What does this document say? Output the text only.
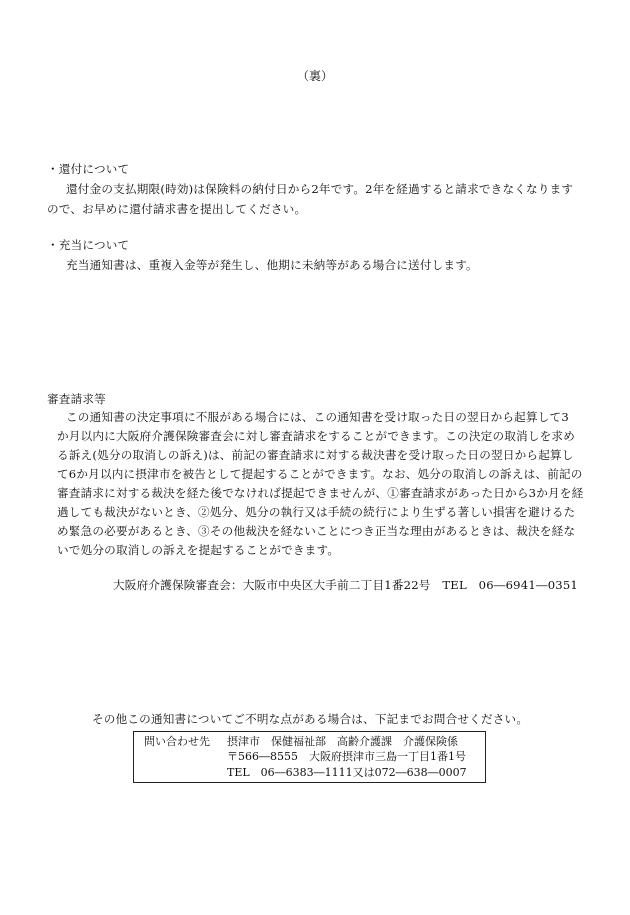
（裏）
・還付について
還付金の支払期限(時効)は保険料の納付日から2年です。2年を経過すると請求できなくなります
ので、お早めに還付請求書を提出してください。
・充当について
充当通知書は、重複入金等が発生し、他期に未納等がある場合に送付します。
審査請求等
この通知書の決定事項に不服がある場合には、この通知書を受け取った日の翌日から起算して3
か月以内に大阪府介護保険審査会に対し審査請求をすることができます。この決定の取消しを求め
る訴え(処分の取消しの訴え)は、前記の審査請求に対する裁決書を受け取った日の翌日から起算し
て6か月以内に摂津市を被告として提起することができます。なお、処分の取消しの訴えは、前記の
審査請求に対する裁決を経た後でなければ提起できませんが、①審査請求があった日から3か月を経
過しても裁決がないとき、②処分、処分の執行又は手続の続行により生ずる著しい損害を避けるた
め緊急の必要があるとき、③その他裁決を経ないことにつき正当な理由があるときは、裁決を経な
いで処分の取消しの訴えを提起することができます。
大阪府介護保険審査会：大阪市中央区大手前二丁目1番22号　TEL　06―6941―0351
その他この通知書についてご不明な点がある場合は、下記までお問合せください。
問い合わせ先 摂津市　保健福祉部　高齢介護課　介護保険係
〒566―8555　大阪府摂津市三島一丁目1番1号
TEL　06―6383―1111又は072―638―0007
